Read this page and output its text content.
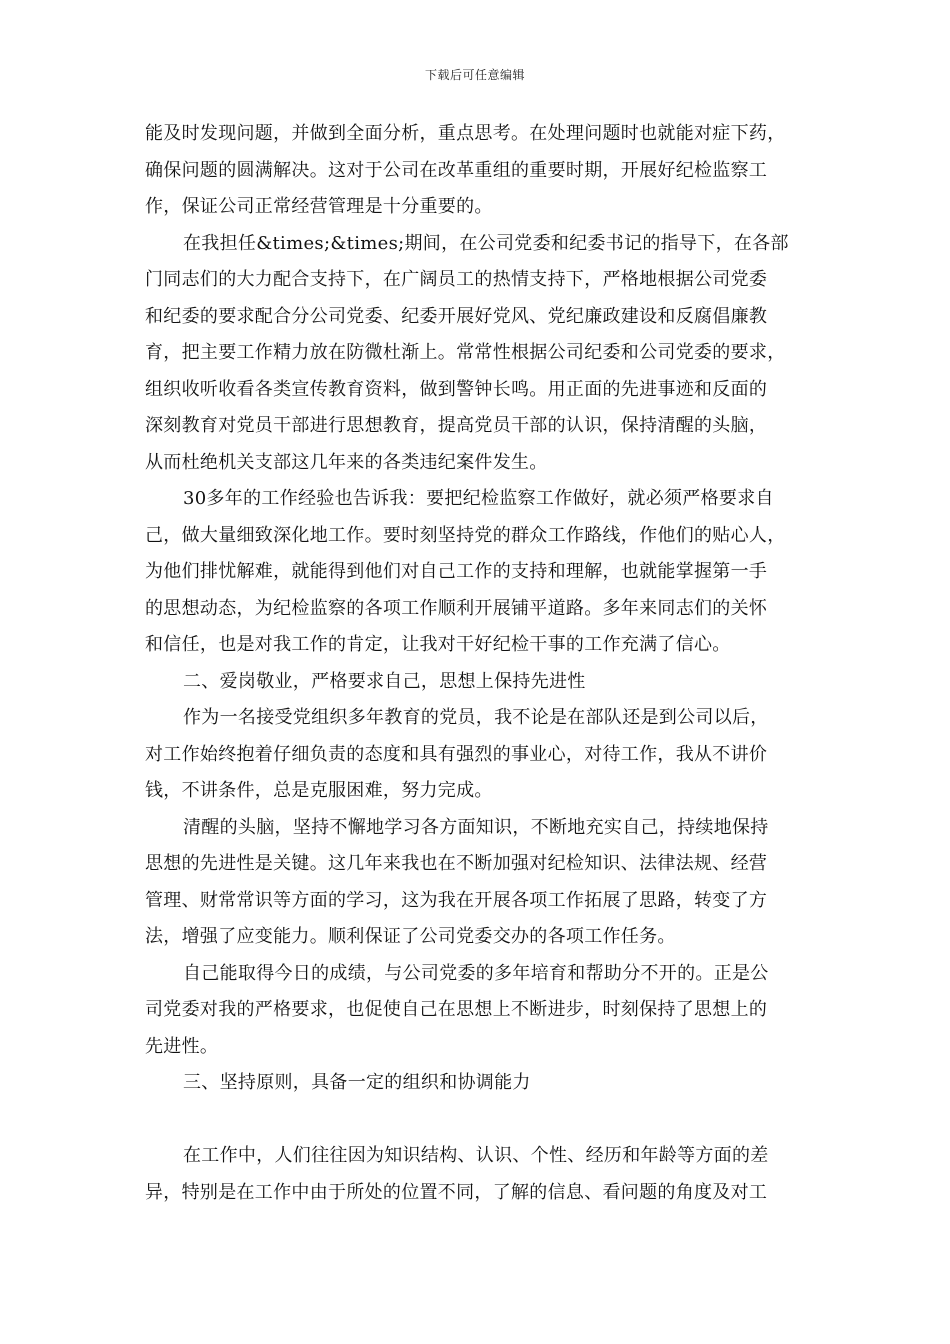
下载后可任意编辑
能及时发现问题，并做到全面分析，重点思考。在处理问题时也就能对症下药，
确保问题的圆满解决。这对于公司在改革重组的重要时期，开展好纪检监察工
作，保证公司正常经营管理是十分重要的。
在我担任&times;&times;期间，在公司党委和纪委书记的指导下，在各部
门同志们的大力配合支持下，在广阔员工的热情支持下，严格地根据公司党委
和纪委的要求配合分公司党委、纪委开展好党风、党纪廉政建设和反腐倡廉教
育，把主要工作精力放在防微杜渐上。常常性根据公司纪委和公司党委的要求，
组织收听收看各类宣传教育资料，做到警钟长鸣。用正面的先进事迹和反面的
深刻教育对党员干部进行思想教育，提高党员干部的认识，保持清醒的头脑，
从而杜绝机关支部这几年来的各类违纪案件发生。
30多年的工作经验也告诉我：要把纪检监察工作做好，就必须严格要求自
己，做大量细致深化地工作。要时刻坚持党的群众工作路线，作他们的贴心人，
为他们排忧解难，就能得到他们对自己工作的支持和理解，也就能掌握第一手
的思想动态，为纪检监察的各项工作顺利开展铺平道路。多年来同志们的关怀
和信任，也是对我工作的肯定，让我对干好纪检干事的工作充满了信心。
二、爱岗敬业，严格要求自己，思想上保持先进性
作为一名接受党组织多年教育的党员，我不论是在部队还是到公司以后，
对工作始终抱着仔细负责的态度和具有强烈的事业心，对待工作，我从不讲价
钱，不讲条件，总是克服困难，努力完成。
清醒的头脑，坚持不懈地学习各方面知识，不断地充实自己，持续地保持
思想的先进性是关键。这几年来我也在不断加强对纪检知识、法律法规、经营
管理、财常常识等方面的学习，这为我在开展各项工作拓展了思路，转变了方
法，增强了应变能力。顺利保证了公司党委交办的各项工作任务。
自己能取得今日的成绩，与公司党委的多年培育和帮助分不开的。正是公
司党委对我的严格要求，也促使自己在思想上不断进步，时刻保持了思想上的
先进性。
三、坚持原则，具备一定的组织和协调能力
在工作中，人们往往因为知识结构、认识、个性、经历和年龄等方面的差
异，特别是在工作中由于所处的位置不同，了解的信息、看问题的角度及对工
